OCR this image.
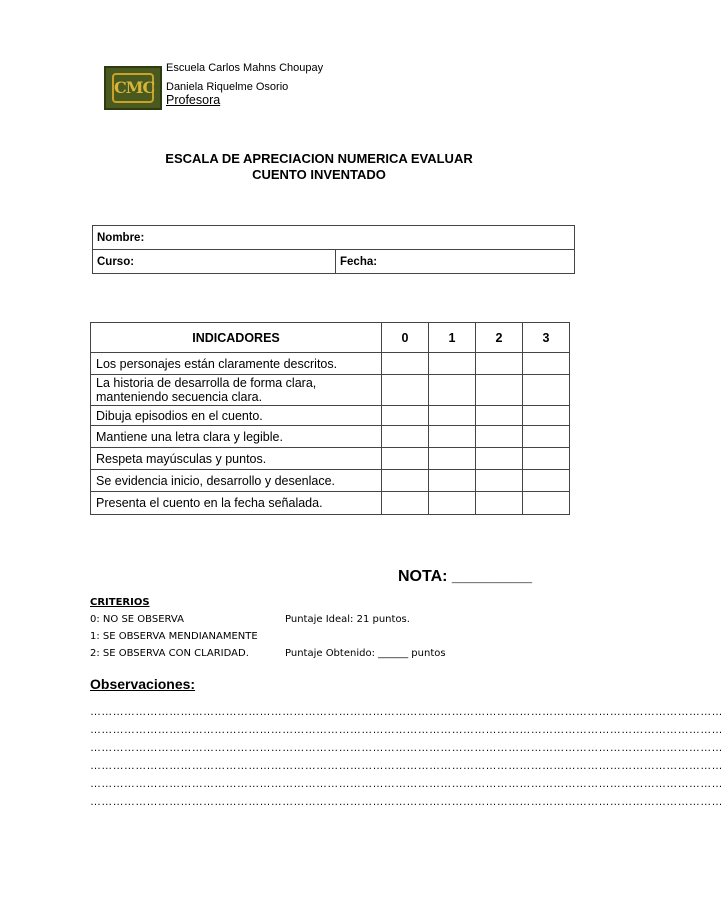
CMC
Escuela Carlos Mahns Choupay
Daniela Riquelme Osorio
Profesora
ESCALA DE APRECIACION NUMERICA EVALUAR
CUENTO INVENTADO
Nombre:
Curso:	Fecha:
INDICADORES	0	1	2	3
Los personajes están claramente descritos.				
La historia de desarrolla de forma clara, manteniendo secuencia clara.				
Dibuja episodios en el cuento.				
Mantiene una letra clara y legible.				
Respeta mayúsculas y puntos.				
Se evidencia inicio, desarrollo y desenlace.				
Presenta el cuento en la fecha señalada.				
NOTA: _________
CRITERIOS
0: NO SE OBSERVA
1: SE OBSERVA MENDIANAMENTE
2: SE OBSERVA CON CLARIDAD.
Puntaje Ideal: 21 puntos.
Puntaje Obtenido: ______ puntos
Observaciones:
……………………………………………………………………………………………………………………………………………………
……………………………………………………………………………………………………………………………………………………
……………………………………………………………………………………………………………………………………………………
……………………………………………………………………………………………………………………………………………………
……………………………………………………………………………………………………………………………………………………
……………………………………………………………………………………………………………………………………………………
